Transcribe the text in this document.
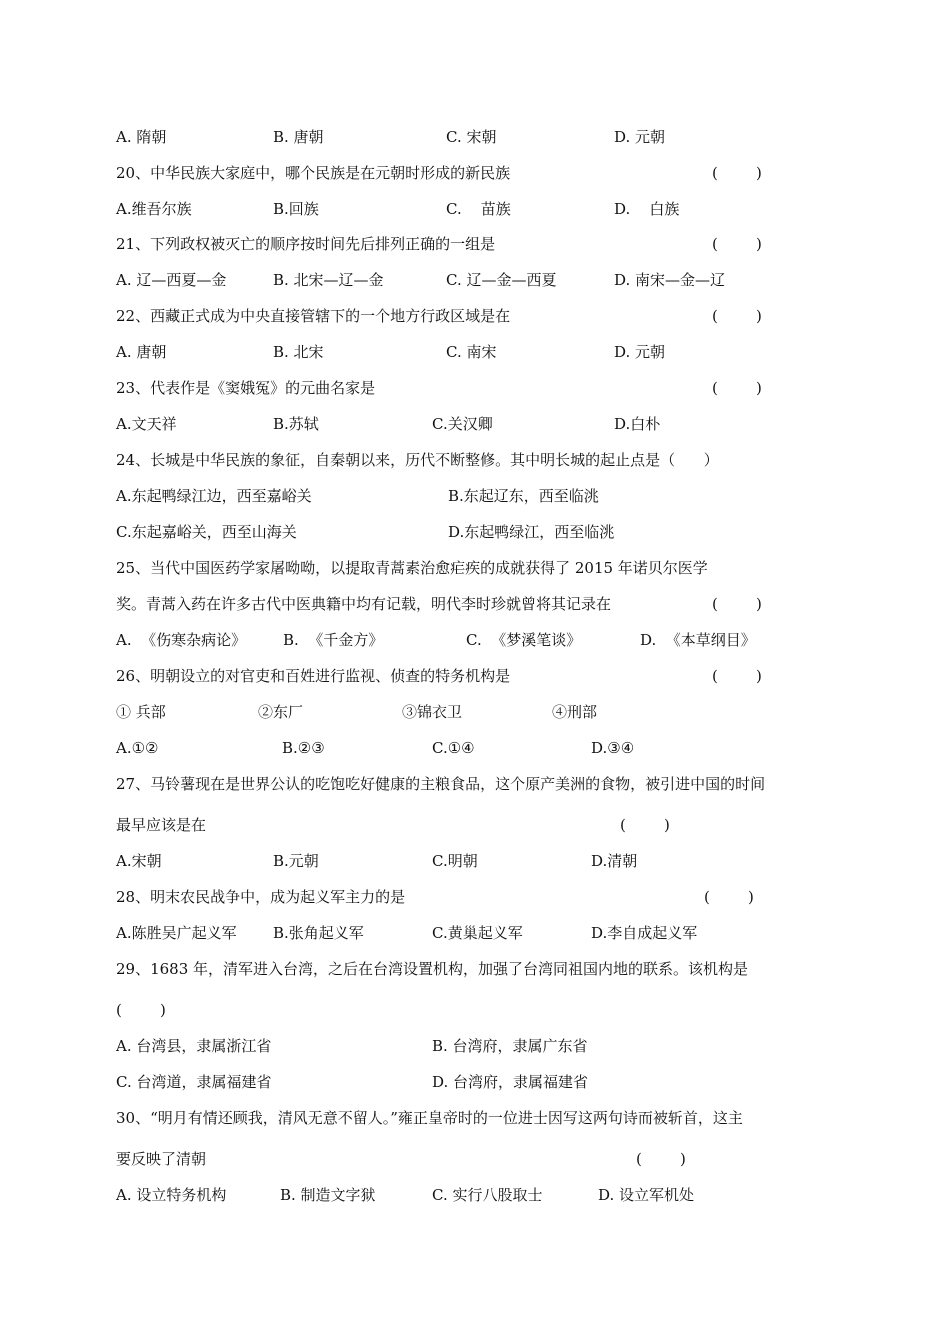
A. 隋朝	B. 唐朝	C. 宋朝	D. 元朝
20、中华民族大家庭中，哪个民族是在元朝时形成的新民族	(        )
A.维吾尔族	B.回族	C.    苗族	D.    白族
21、下列政权被灭亡的顺序按时间先后排列正确的一组是	(        )
A. 辽—西夏—金	B. 北宋—辽—金	C. 辽—金—西夏	D. 南宋—金—辽
22、西藏正式成为中央直接管辖下的一个地方行政区域是在	(        )
A. 唐朝	B. 北宋	C. 南宋	D. 元朝
23、代表作是《窦娥冤》的元曲名家是	(        )
A.文天祥	B.苏轼	C.关汉卿	D.白朴
24、长城是中华民族的象征，自秦朝以来，历代不断整修。其中明长城的起止点是（      ）
A.东起鸭绿江边，西至嘉峪关	B.东起辽东，西至临洮
C.东起嘉峪关，西至山海关	D.东起鸭绿江，西至临洮
25、当代中国医药学家屠呦呦，以提取青蒿素治愈疟疾的成就获得了 2015 年诺贝尔医学
奖。青蒿入药在许多古代中医典籍中均有记载，明代李时珍就曾将其记录在	(        )
A.  《伤寒杂病论》 B.  《千金方》	C.  《梦溪笔谈》	D.  《本草纲目》
26、明朝设立的对官吏和百姓进行监视、侦查的特务机构是	(        )
① 兵部	②东厂	③锦衣卫	④刑部
A.①②	B.②③	C.①④	D.③④
27、马铃薯现在是世界公认的吃饱吃好健康的主粮食品，这个原产美洲的食物，被引进中国的时间
最早应该是在	(        )
A.宋朝	B.元朝	C.明朝	D.清朝
28、明末农民战争中，成为起义军主力的是	(        )
A.陈胜吴广起义军 B.张角起义军	C.黄巢起义军	D.李自成起义军
29、1683 年，清军进入台湾，之后在台湾设置机构，加强了台湾同祖国内地的联系。该机构是
(        )
A. 台湾县，隶属浙江省	B. 台湾府，隶属广东省
C. 台湾道，隶属福建省	D. 台湾府，隶属福建省
30、“明月有情还顾我，清风无意不留人。”雍正皇帝时的一位进士因写这两句诗而被斩首，这主
要反映了清朝	(        )
A. 设立特务机构	B. 制造文字狱	C. 实行八股取士	D. 设立军机处
